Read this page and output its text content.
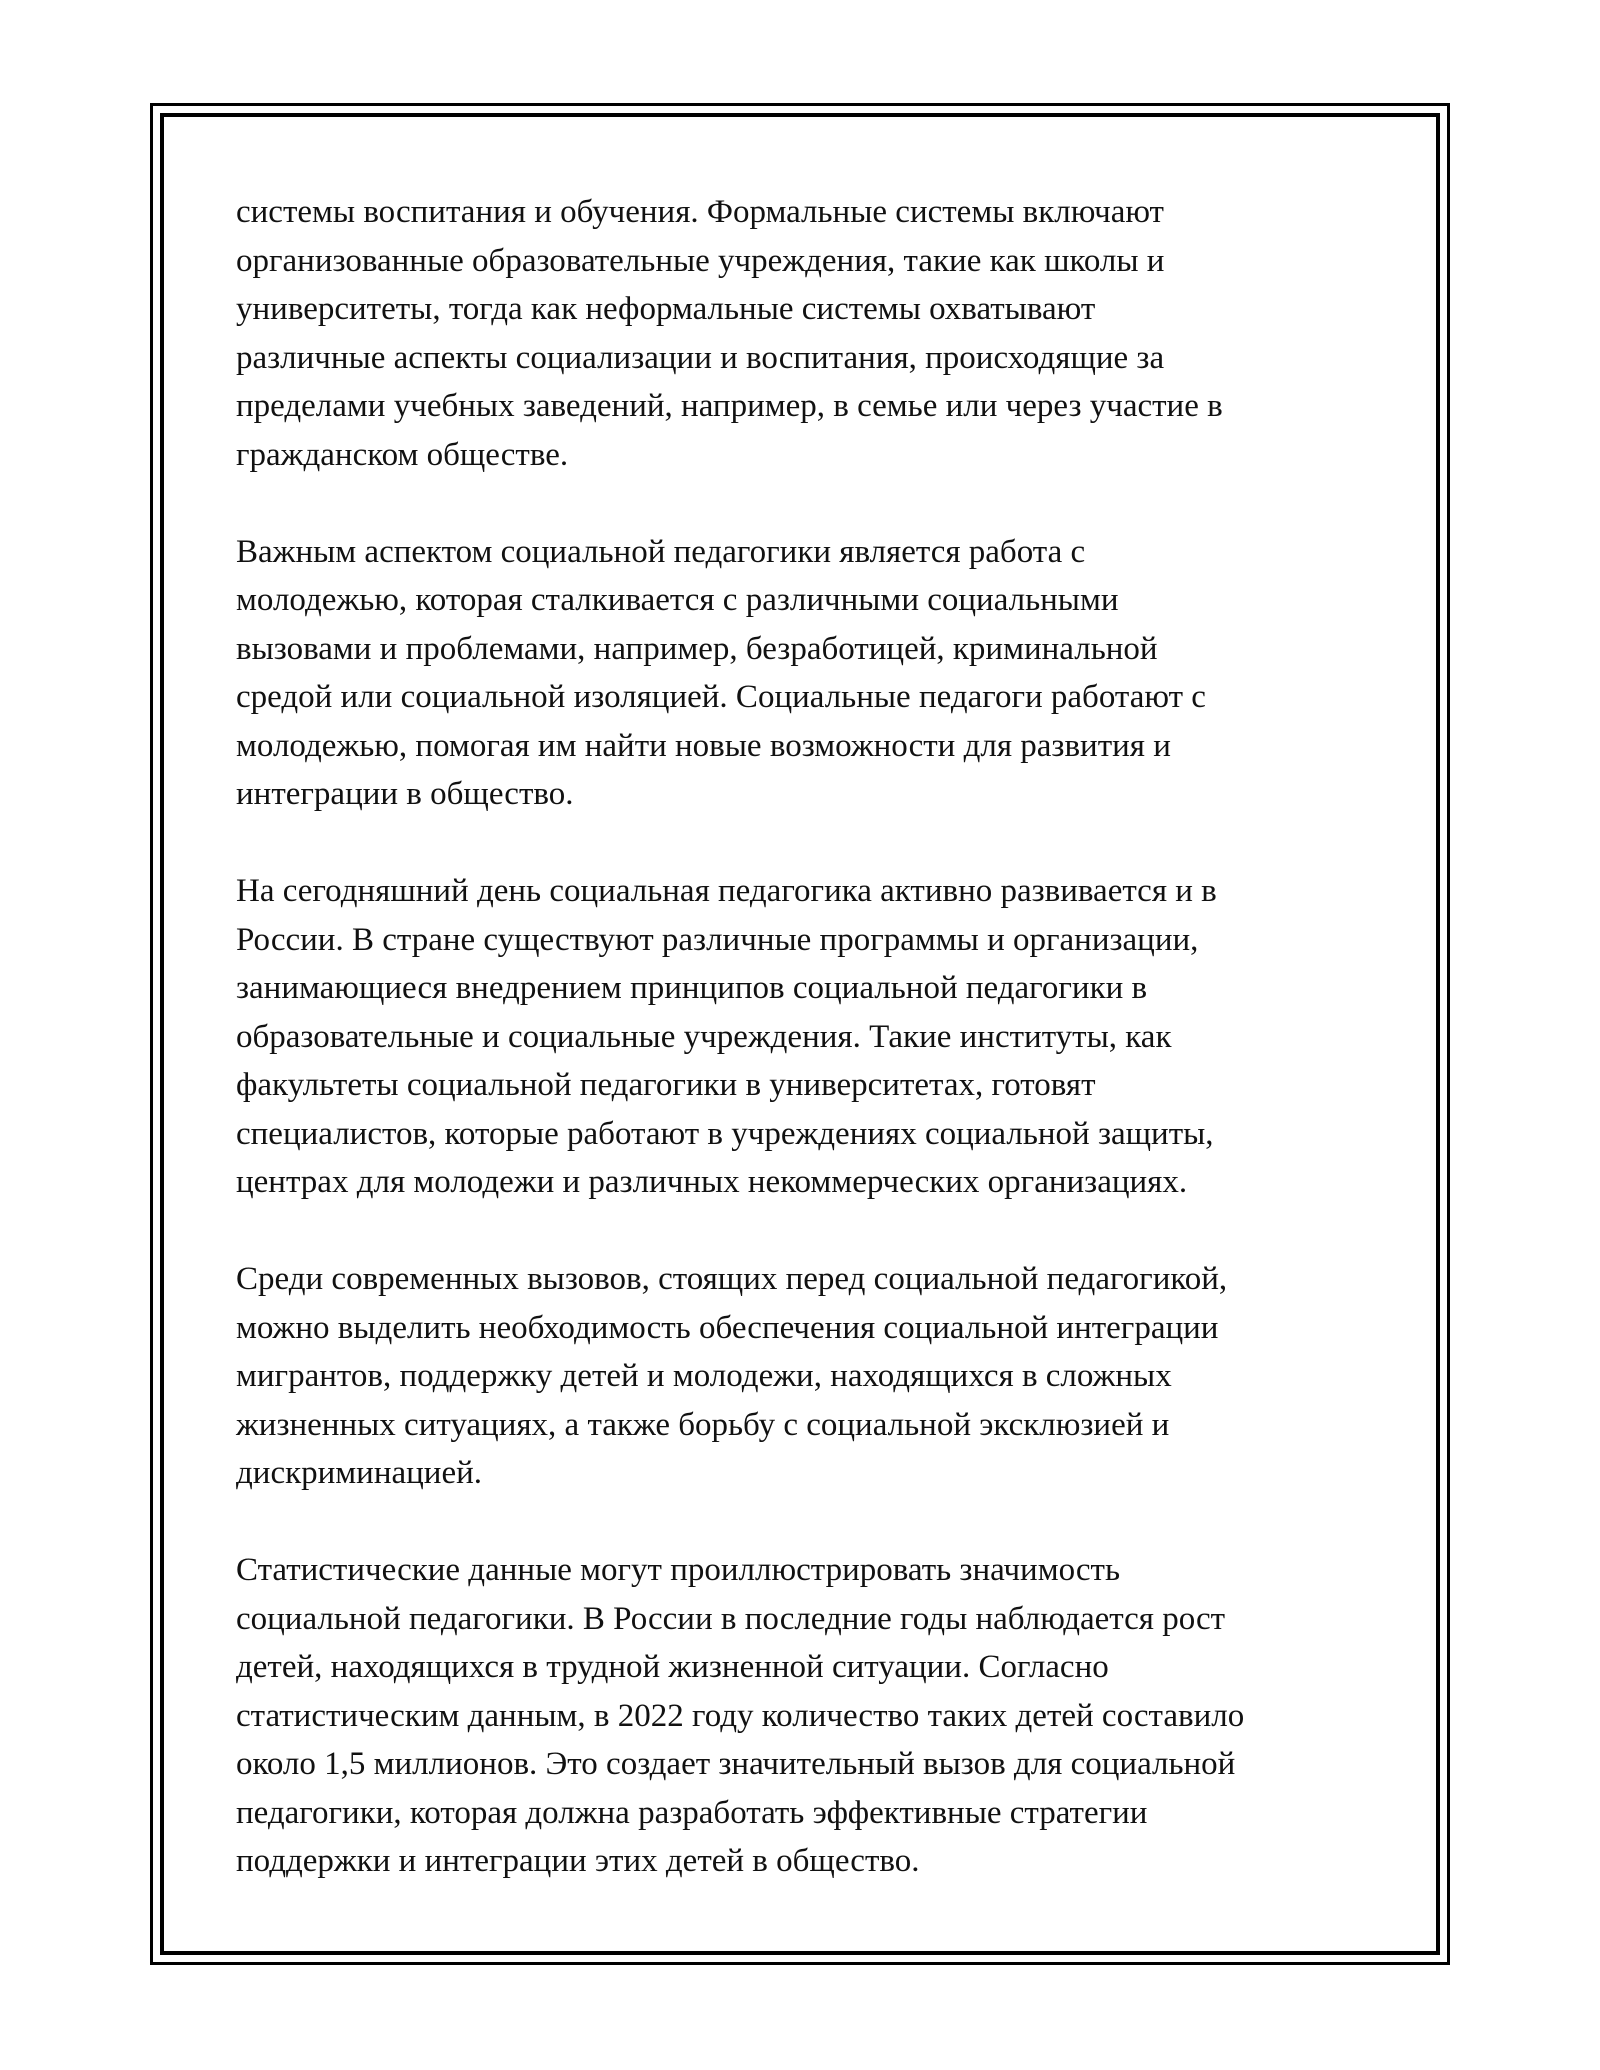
системы воспитания и обучения. Формальные системы включают
организованные образовательные учреждения, такие как школы и
университеты, тогда как неформальные системы охватывают
различные аспекты социализации и воспитания, происходящие за
пределами учебных заведений, например, в семье или через участие в
гражданском обществе.

Важным аспектом социальной педагогики является работа с
молодежью, которая сталкивается с различными социальными
вызовами и проблемами, например, безработицей, криминальной
средой или социальной изоляцией. Социальные педагоги работают с
молодежью, помогая им найти новые возможности для развития и
интеграции в общество.

На сегодняшний день социальная педагогика активно развивается и в
России. В стране существуют различные программы и организации,
занимающиеся внедрением принципов социальной педагогики в
образовательные и социальные учреждения. Такие институты, как
факультеты социальной педагогики в университетах, готовят
специалистов, которые работают в учреждениях социальной защиты,
центрах для молодежи и различных некоммерческих организациях.

Среди современных вызовов, стоящих перед социальной педагогикой,
можно выделить необходимость обеспечения социальной интеграции
мигрантов, поддержку детей и молодежи, находящихся в сложных
жизненных ситуациях, а также борьбу с социальной эксклюзией и
дискриминацией.

Статистические данные могут проиллюстрировать значимость
социальной педагогики. В России в последние годы наблюдается рост
детей, находящихся в трудной жизненной ситуации. Согласно
статистическим данным, в 2022 году количество таких детей составило
около 1,5 миллионов. Это создает значительный вызов для социальной
педагогики, которая должна разработать эффективные стратегии
поддержки и интеграции этих детей в общество.
